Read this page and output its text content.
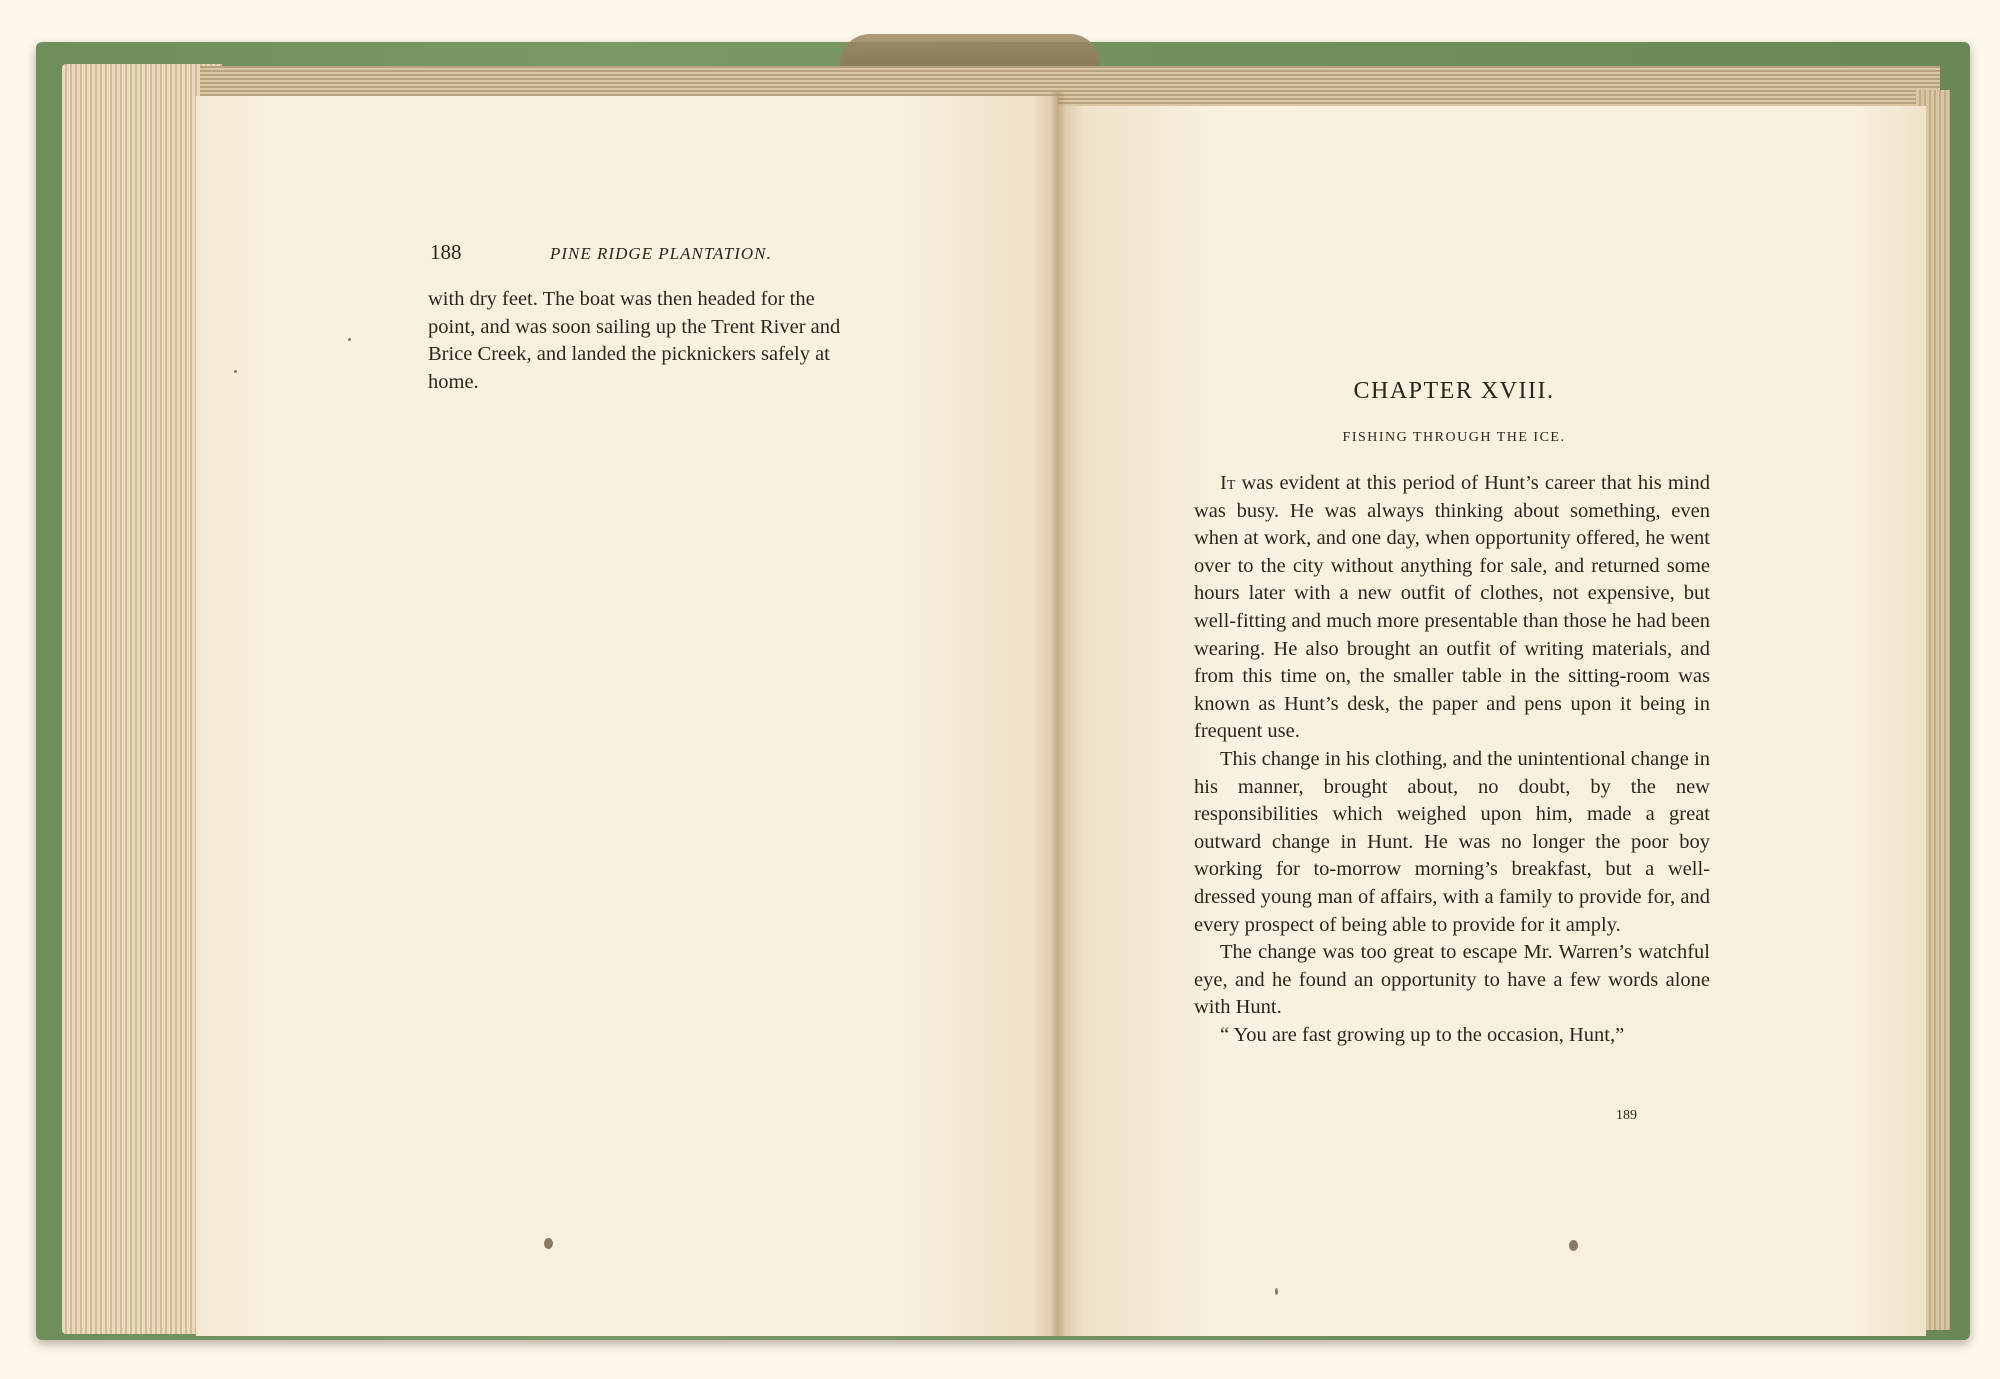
188	PINE RIDGE PLANTATION.
with dry feet. The boat was then headed for the
point, and was soon sailing up the Trent River and
Brice Creek, and landed the picknickers safely at
home.	CHAPTER XVIII.
FISHING THROUGH THE ICE.

It was evident at this period of Hunt’s career that his mind was busy. He was always thinking about something, even when at work, and one day, when opportunity offered, he went over to the city without anything for sale, and returned some hours later with a new outfit of clothes, not expensive, but well-fitting and much more presentable than those he had been wearing. He also brought an outfit of writing materials, and from this time on, the smaller table in the sitting-room was known as Hunt’s desk, the paper and pens upon it being in frequent use.

This change in his clothing, and the unintentional change in his manner, brought about, no doubt, by the new responsibilities which weighed upon him, made a great outward change in Hunt. He was no longer the poor boy working for to-morrow morning’s breakfast, but a well-dressed young man of affairs, with a family to provide for, and every prospect of being able to provide for it amply.

The change was too great to escape Mr. Warren’s watchful eye, and he found an opportunity to have a few words alone with Hunt.

“ You are fast growing up to the occasion, Hunt,”

189
